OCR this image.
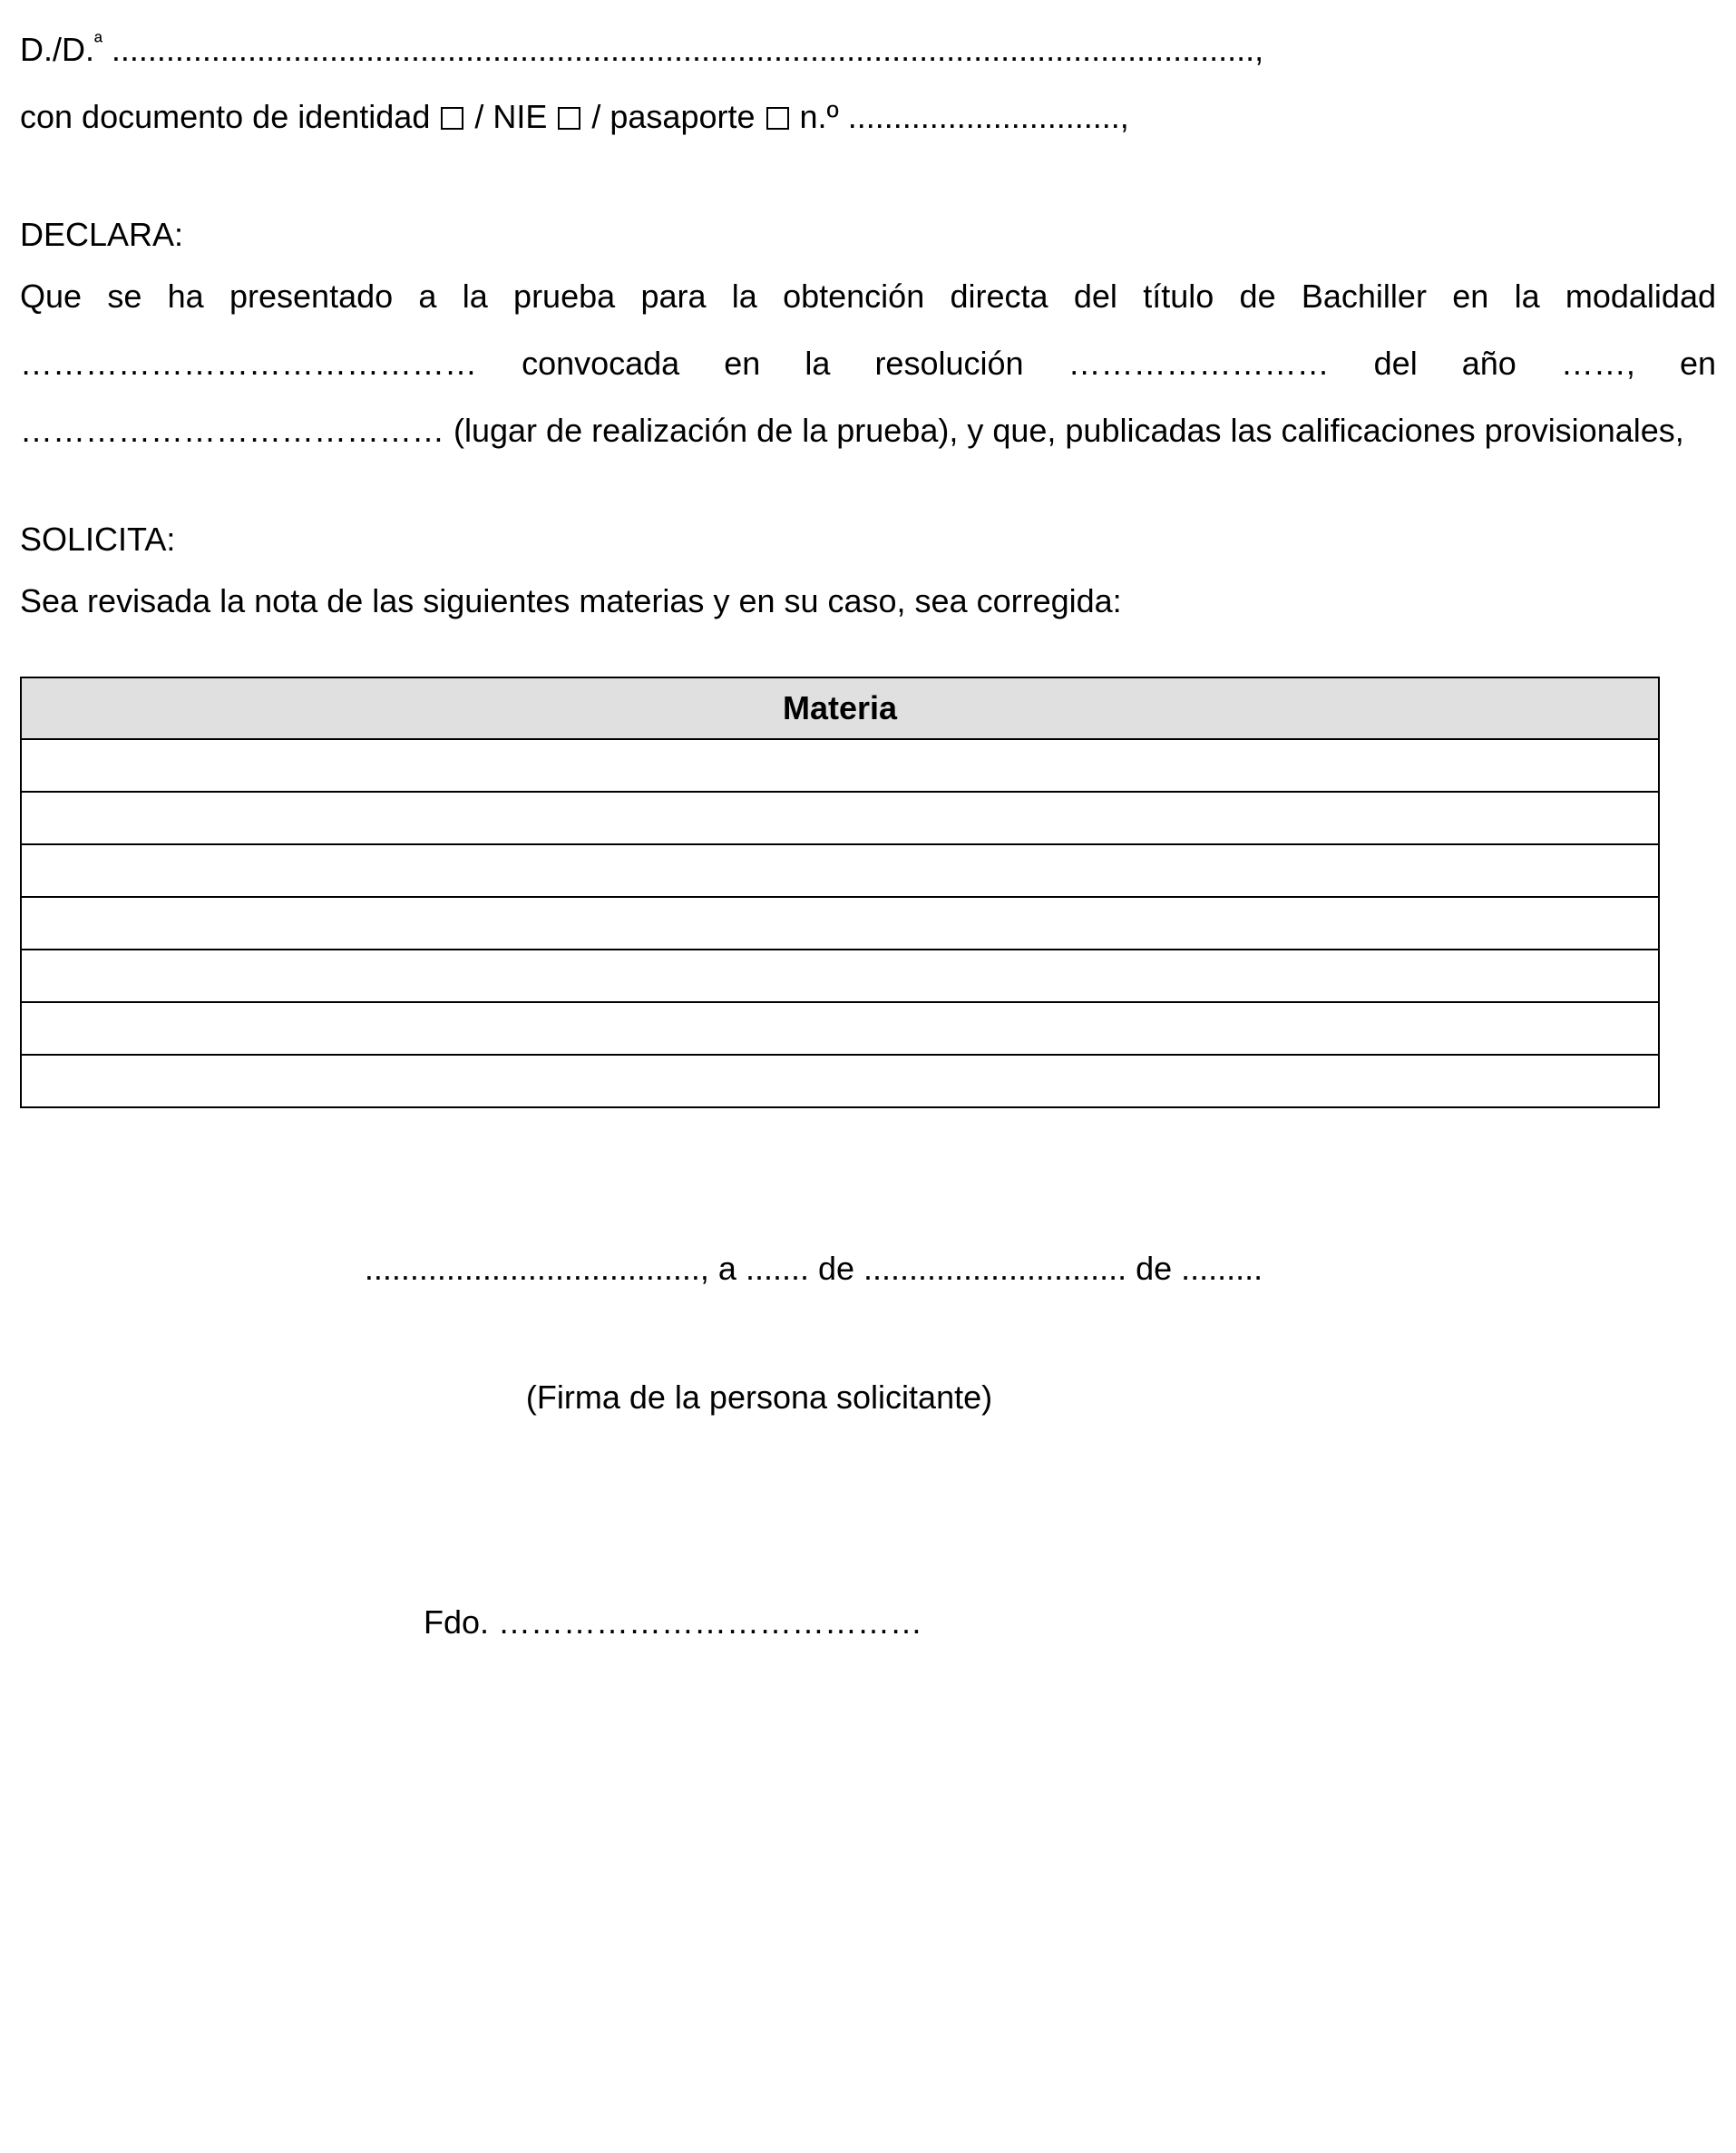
D./D.$^ª$ ..............................................................................................................................,
con documento de identidad  / NIE  / pasaporte  n.º ..............................,
DECLARA:
Que se ha presentado a la prueba para la obtención directa del título de Bachiller en la modalidad …………………………………… convocada en la resolución …………………… del año ……, en ………………………………… (lugar de realización de la prueba), y que, publicadas las calificaciones provisionales,
SOLICITA:
Sea revisada la nota de las siguientes materias y en su caso, sea corregida:
Materia

....................................., a ....... de ............................. de .........
(Firma de la persona solicitante)
Fdo. …………………………………
